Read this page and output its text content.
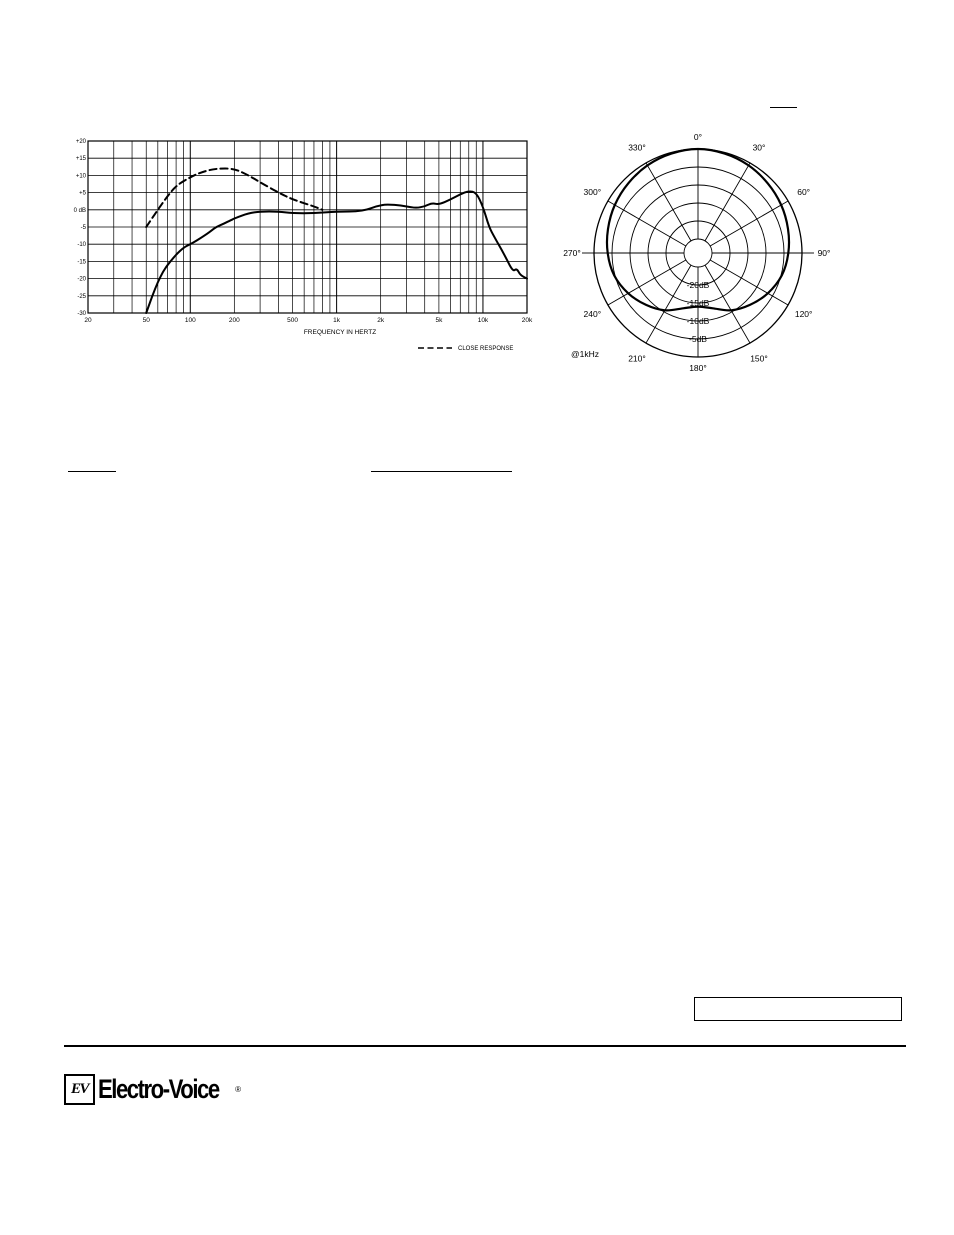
+20
+15
+10
+5
0 dB
-5
-10
-15
-20
-25
-30
20	50	100	200	500	1k	2k	5k	10k	20k
FREQUENCY IN HERTZ
CLOSE RESPONSE
0°
30°
60°
90°
120°
150°
180°
210°
240°
270°
300°
330°
-20dB
-15dB
-10dB
-5dB
@1kHz
EV Electro-Voice ®
